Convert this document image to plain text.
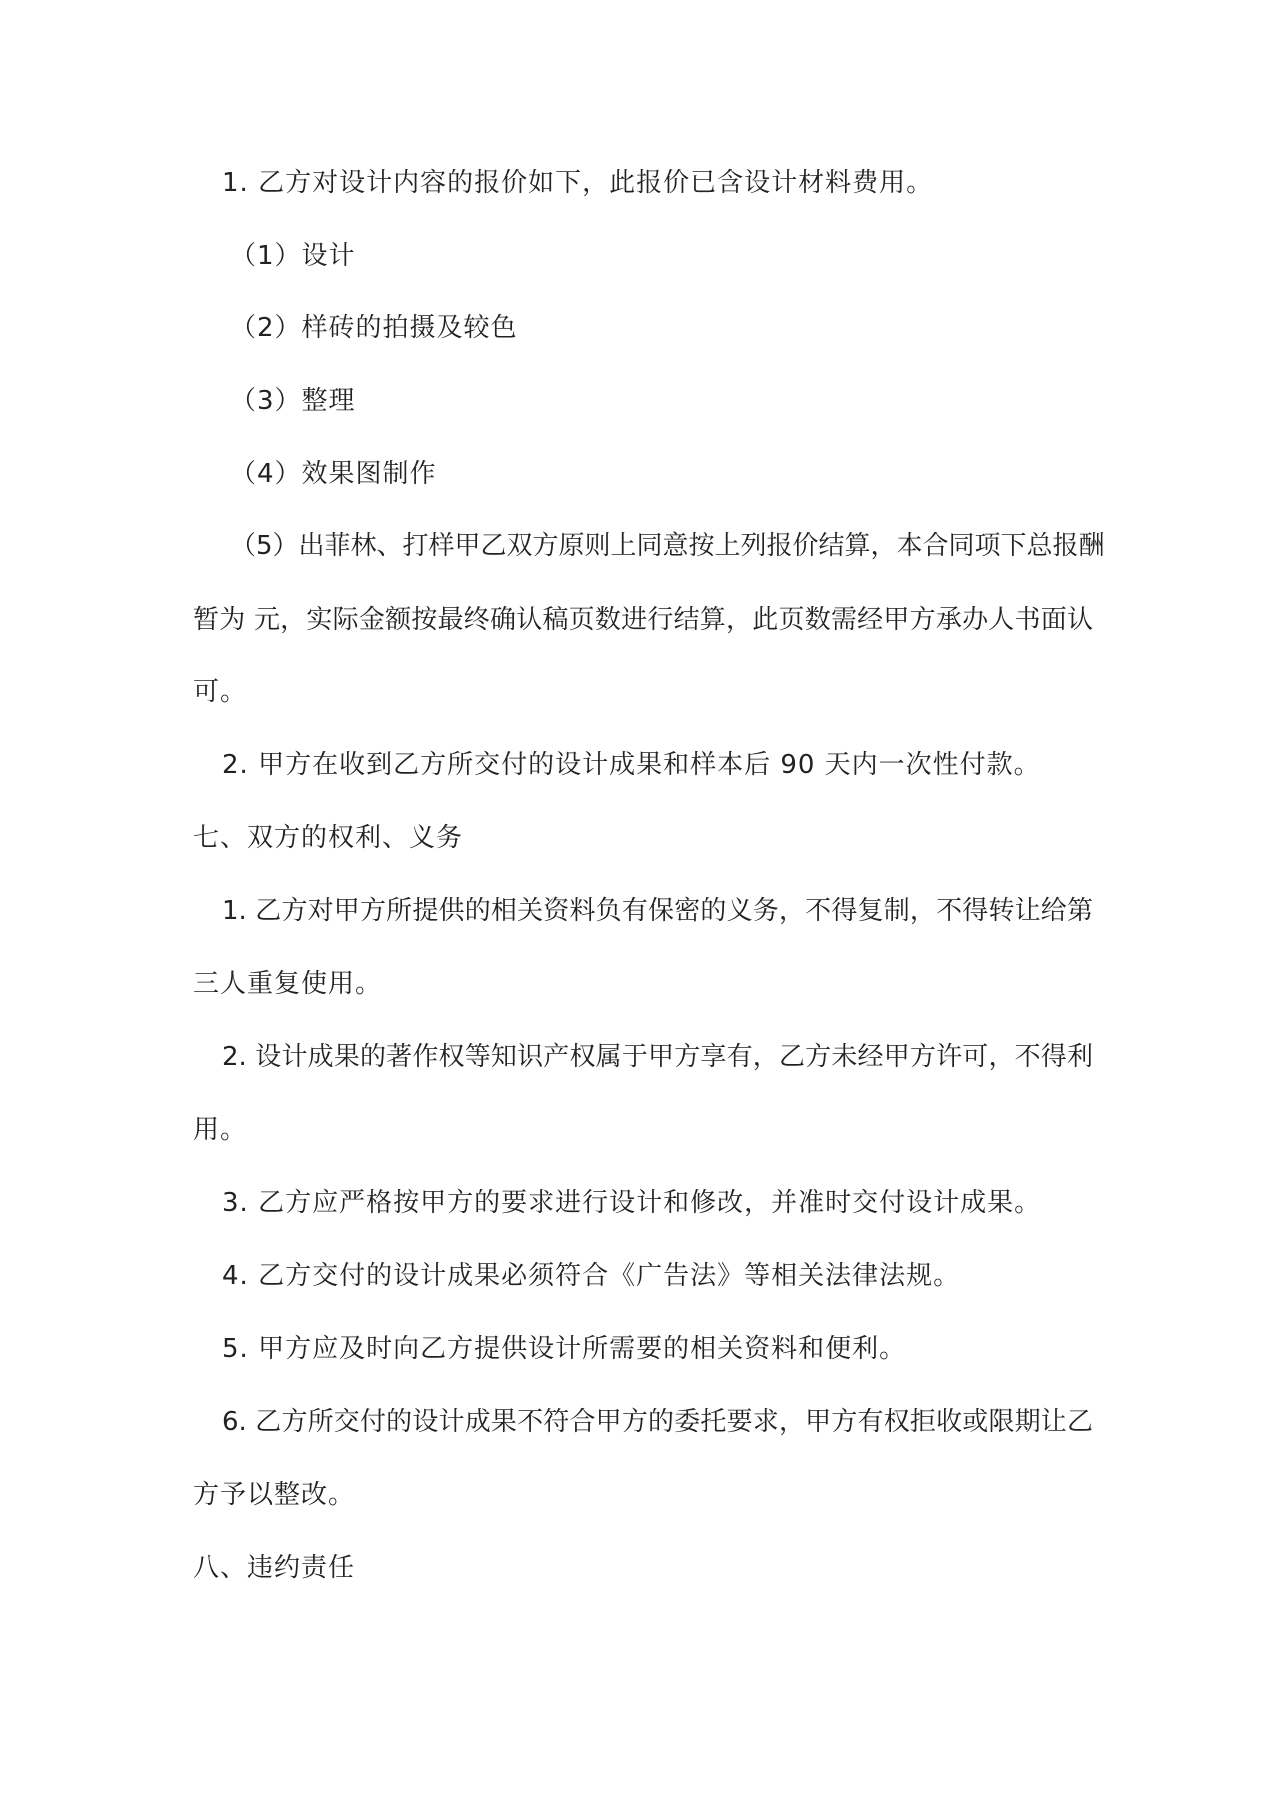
1. 乙方对设计内容的报价如下，此报价已含设计材料费用。
（1）设计
（2）样砖的拍摄及较色
（3）整理
（4）效果图制作
（5）出菲林、打样甲乙双方原则上同意按上列报价结算，本合同项下总报酬
暂为 元，实际金额按最终确认稿页数进行结算，此页数需经甲方承办人书面认
可。
2. 甲方在收到乙方所交付的设计成果和样本后 90 天内一次性付款。
七、双方的权利、义务
1. 乙方对甲方所提供的相关资料负有保密的义务，不得复制，不得转让给第
三人重复使用。
2. 设计成果的著作权等知识产权属于甲方享有，乙方未经甲方许可，不得利
用。
3. 乙方应严格按甲方的要求进行设计和修改，并准时交付设计成果。
4. 乙方交付的设计成果必须符合《广告法》等相关法律法规。
5. 甲方应及时向乙方提供设计所需要的相关资料和便利。
6. 乙方所交付的设计成果不符合甲方的委托要求，甲方有权拒收或限期让乙
方予以整改。
八、违约责任
